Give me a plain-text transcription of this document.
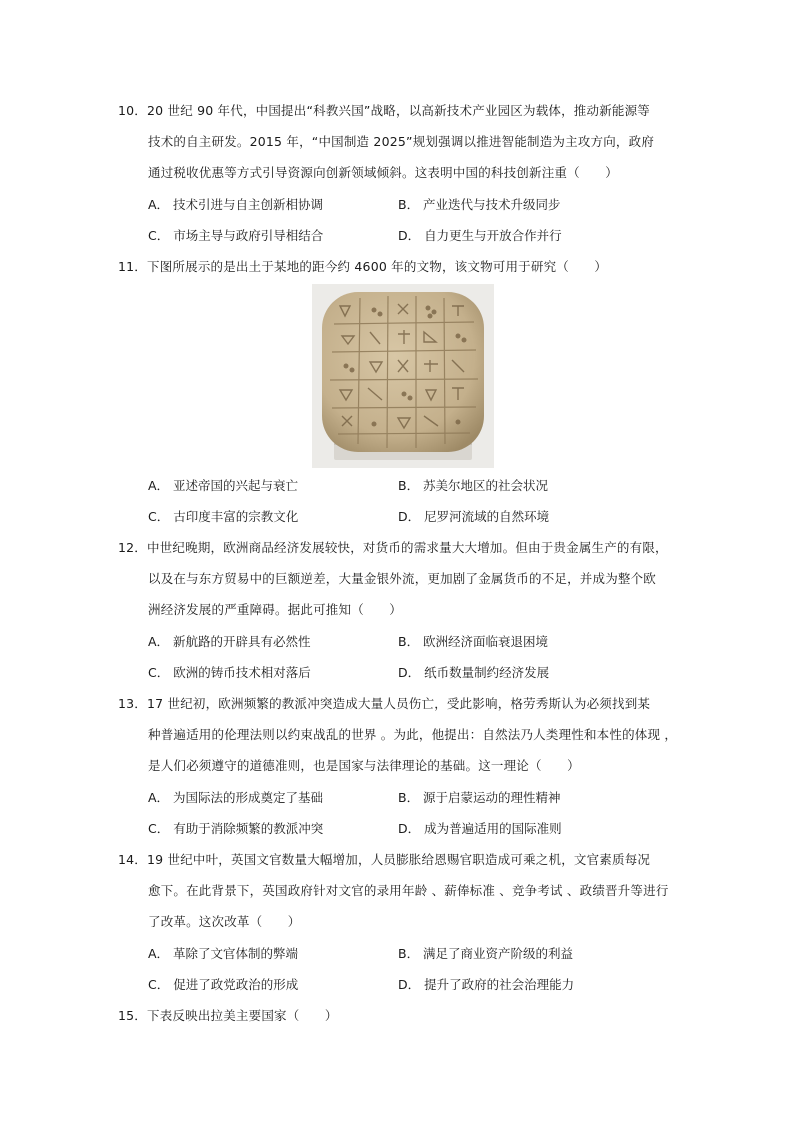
10．20 世纪 90 年代，中国提出“科教兴国”战略，以高新技术产业园区为载体，推动新能源等
技术的自主研发。2015 年，“中国制造 2025”规划强调以推进智能制造为主攻方向，政府
通过税收优惠等方式引导资源向创新领域倾斜。这表明中国的科技创新注重（　　）
A． 技术引进与自主创新相协调	B． 产业迭代与技术升级同步
C． 市场主导与政府引导相结合	D． 自力更生与开放合作并行
11．下图所展示的是出土于某地的距今约 4600 年的文物，该文物可用于研究（　　）
A． 亚述帝国的兴起与衰亡	B． 苏美尔地区的社会状况
C． 古印度丰富的宗教文化	D． 尼罗河流域的自然环境
12．中世纪晚期，欧洲商品经济发展较快，对货币的需求量大大增加。但由于贵金属生产的有限，
以及在与东方贸易中的巨额逆差，大量金银外流，更加剧了金属货币的不足，并成为整个欧
洲经济发展的严重障碍。据此可推知（　　）
A． 新航路的开辟具有必然性	B． 欧洲经济面临衰退困境
C． 欧洲的铸币技术相对落后	D． 纸币数量制约经济发展
13．17 世纪初，欧洲频繁的教派冲突造成大量人员伤亡，受此影响，格劳秀斯认为必须找到某
种普遍适用的伦理法则以约束战乱的世界 。为此，他提出：自然法乃人类理性和本性的体现 ，
是人们必须遵守的道德准则，也是国家与法律理论的基础。这一理论（　　）
A． 为国际法的形成奠定了基础	B． 源于启蒙运动的理性精神
C． 有助于消除频繁的教派冲突	D． 成为普遍适用的国际准则
14．19 世纪中叶，英国文官数量大幅增加，人员膨胀给恩赐官职造成可乘之机，文官素质每况
愈下。在此背景下，英国政府针对文官的录用年龄 、薪俸标准 、竞争考试 、政绩晋升等进行
了改革。这次改革（　　）
A． 革除了文官体制的弊端	B． 满足了商业资产阶级的利益
C． 促进了政党政治的形成	D． 提升了政府的社会治理能力
15．下表反映出拉美主要国家（　　）
